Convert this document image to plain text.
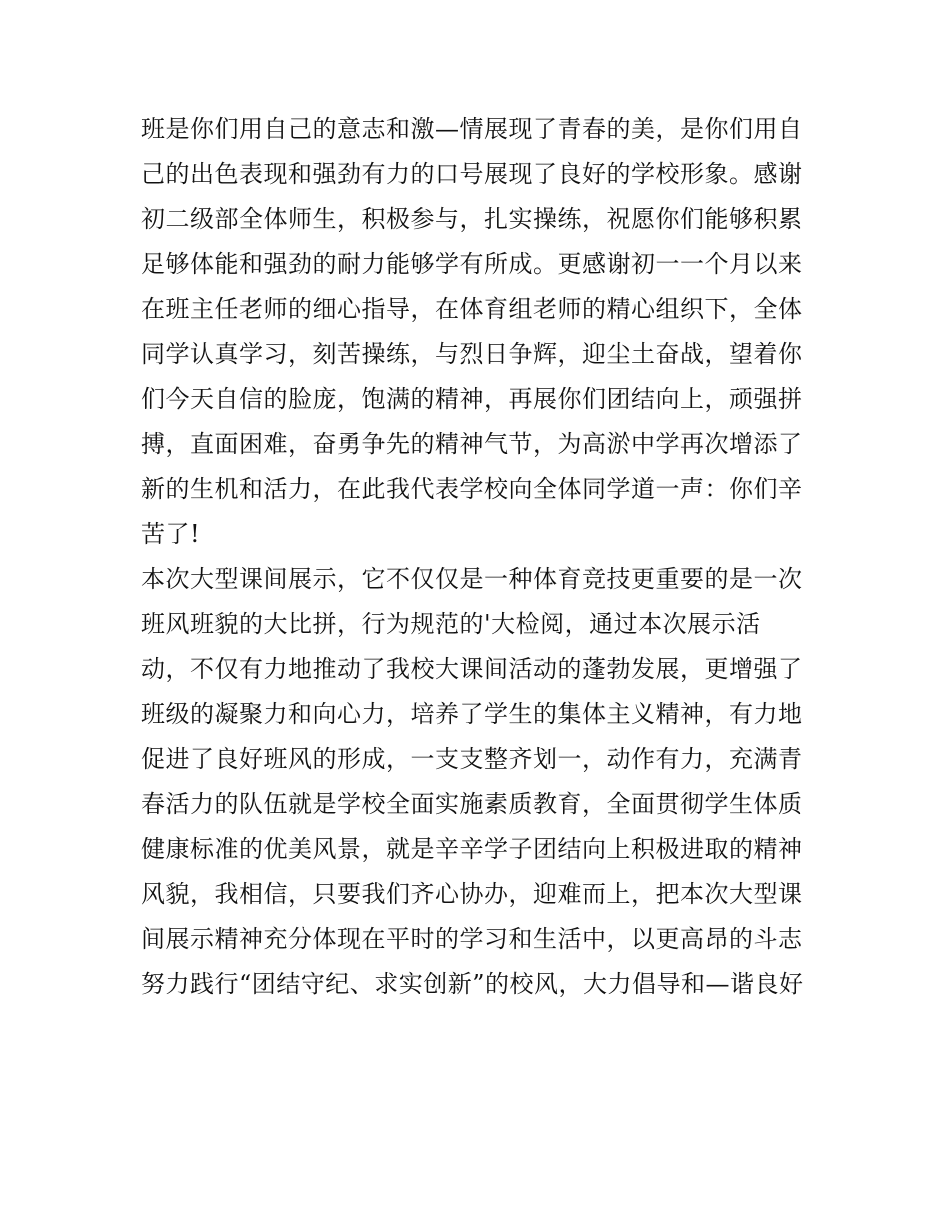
班是你们用自己的意志和激—情展现了青春的美，是你们用自
己的出色表现和强劲有力的口号展现了良好的学校形象。感谢
初二级部全体师生，积极参与，扎实操练，祝愿你们能够积累
足够体能和强劲的耐力能够学有所成。更感谢初一一个月以来
在班主任老师的细心指导，在体育组老师的精心组织下，全体
同学认真学习，刻苦操练，与烈日争辉，迎尘土奋战，望着你
们今天自信的脸庞，饱满的精神，再展你们团结向上，顽强拼
搏，直面困难，奋勇争先的精神气节，为高淤中学再次增添了
新的生机和活力，在此我代表学校向全体同学道一声：你们辛
苦了!
本次大型课间展示，它不仅仅是一种体育竞技更重要的是一次
班风班貌的大比拼，行为规范的'大检阅，通过本次展示活
动，不仅有力地推动了我校大课间活动的蓬勃发展，更增强了
班级的凝聚力和向心力，培养了学生的集体主义精神，有力地
促进了良好班风的形成，一支支整齐划一，动作有力，充满青
春活力的队伍就是学校全面实施素质教育，全面贯彻学生体质
健康标准的优美风景，就是辛辛学子团结向上积极进取的精神
风貌，我相信，只要我们齐心协办，迎难而上，把本次大型课
间展示精神充分体现在平时的学习和生活中，以更高昂的斗志
努力践行“团结守纪、求实创新”的校风，大力倡导和—谐良好
